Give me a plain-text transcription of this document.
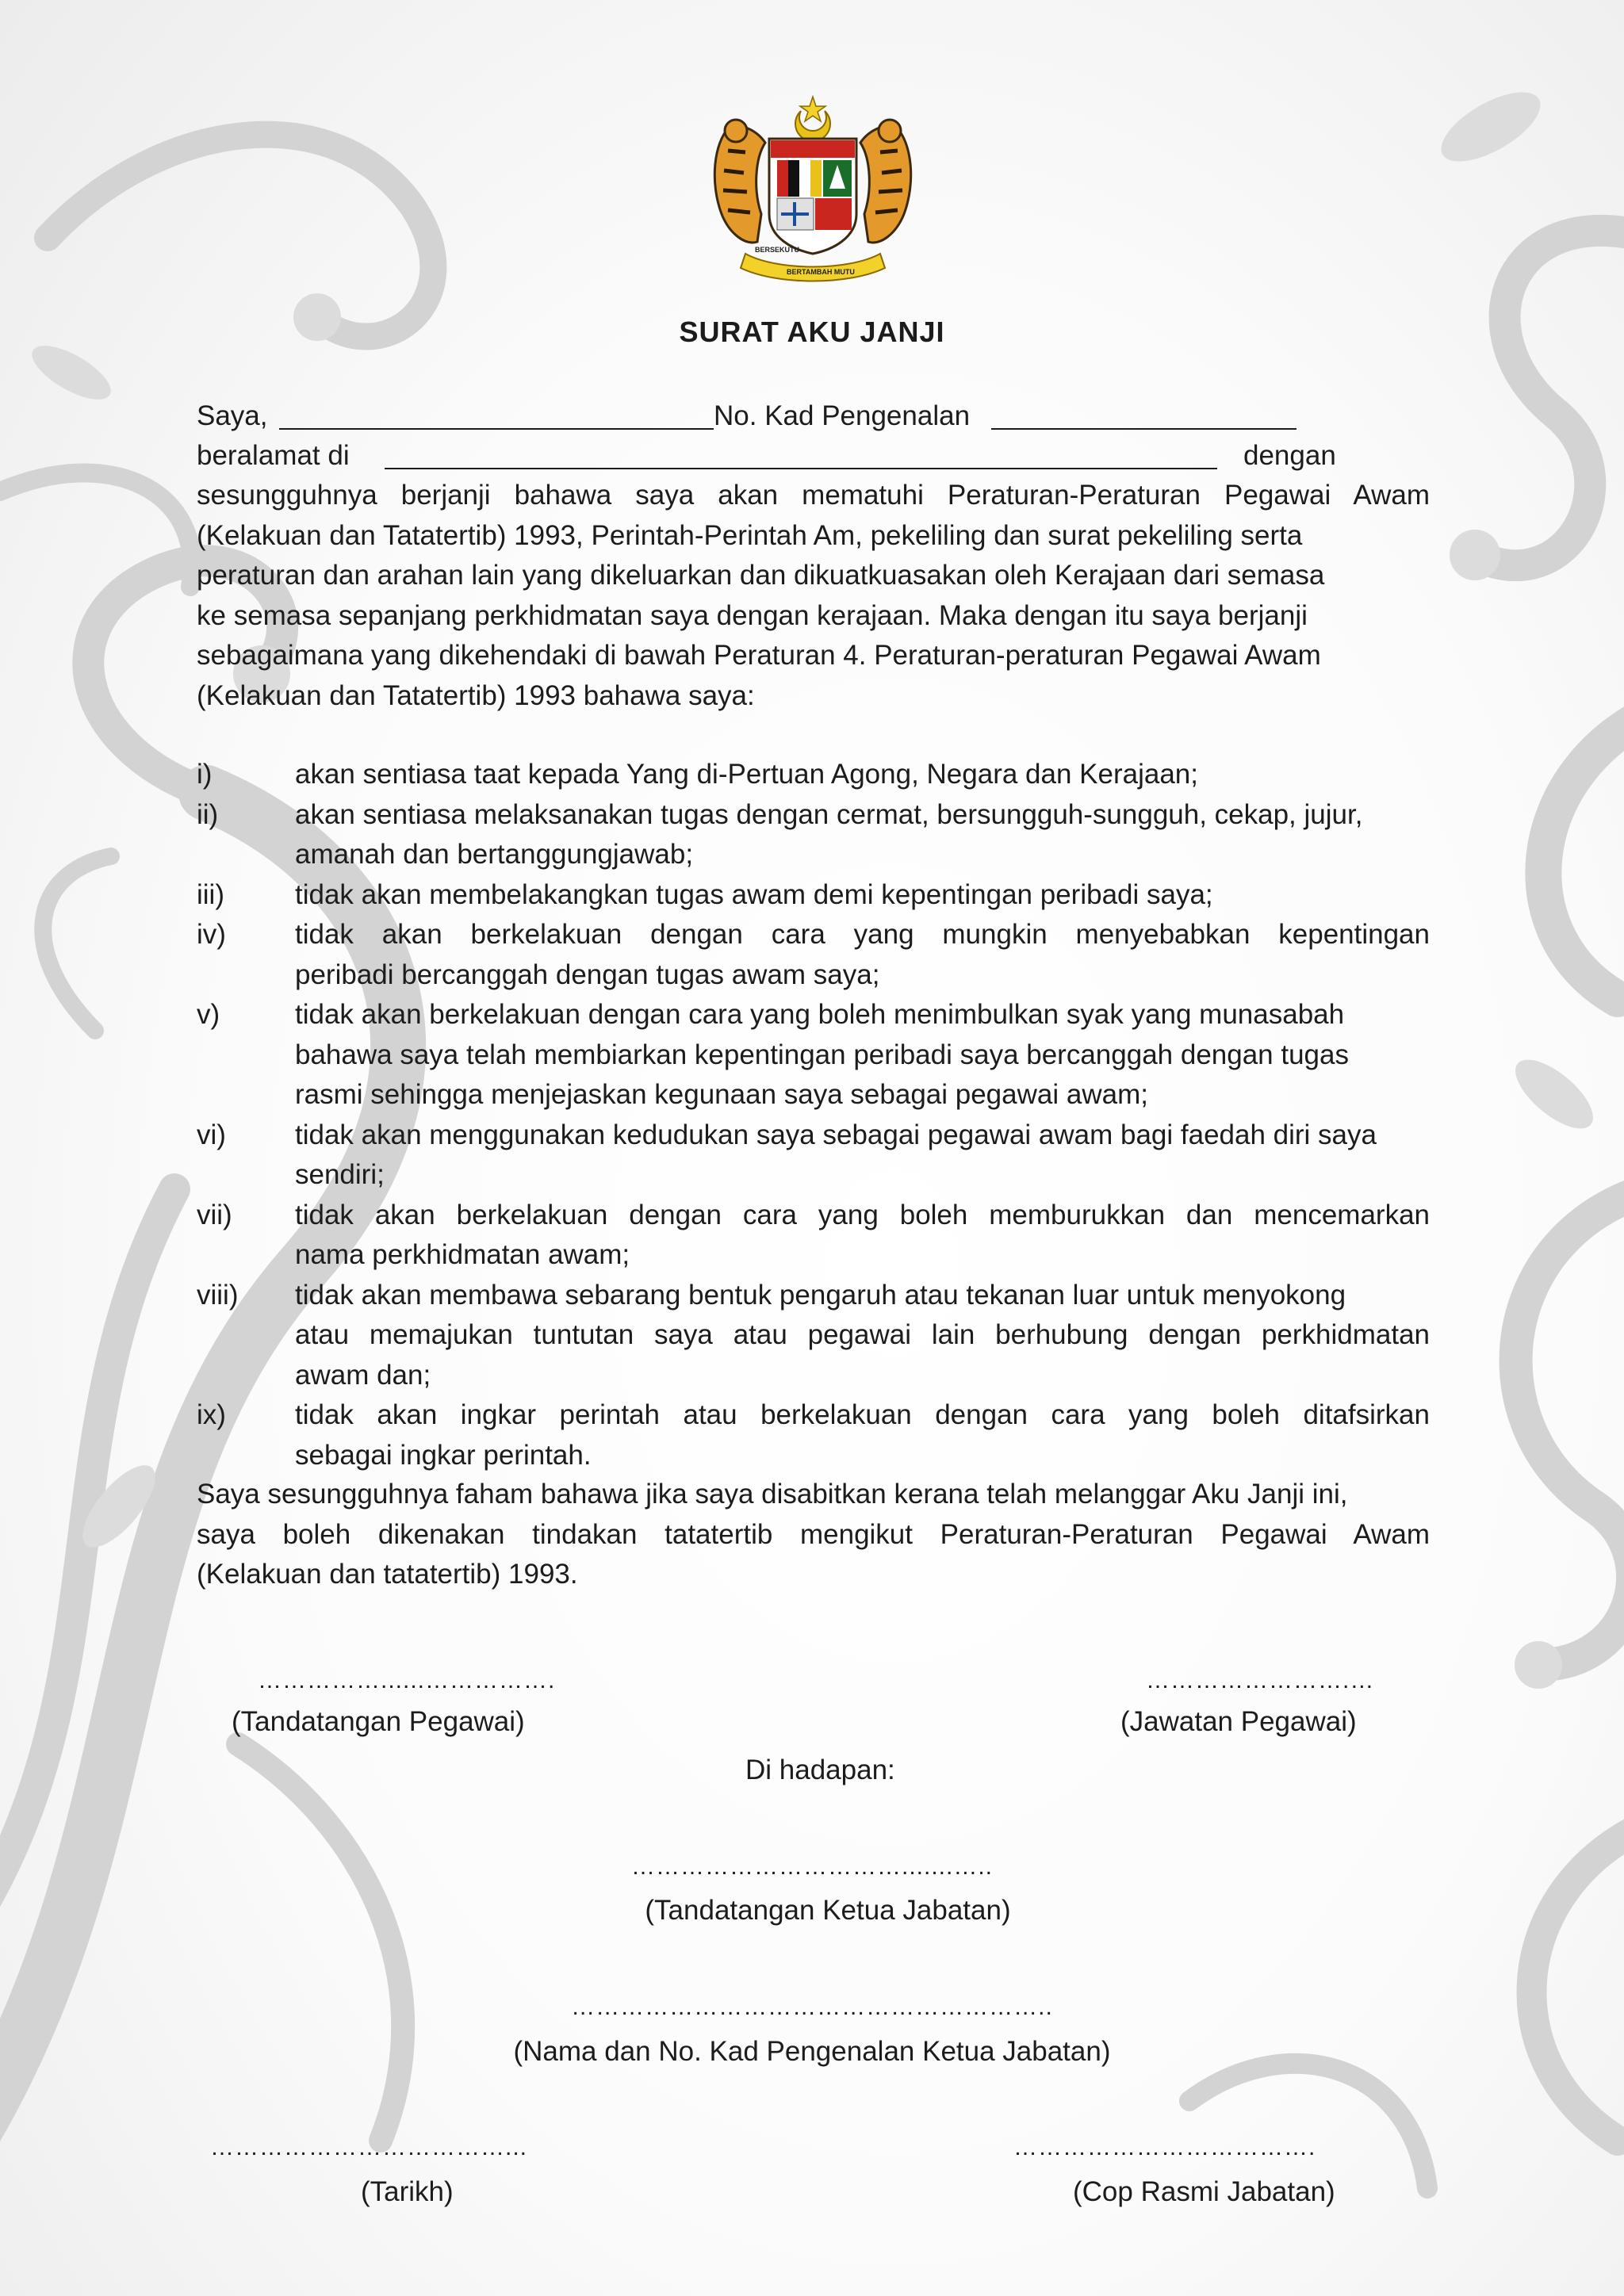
BERSEKUTU
BERTAMBAH MUTU
SURAT AKU JANJI
Saya,	No. Kad Pengenalan
beralamat di	dengan
sesungguhnya berjanji bahawa saya akan mematuhi Peraturan-Peraturan Pegawai Awam
(Kelakuan dan Tatatertib) 1993, Perintah-Perintah Am, pekeliling dan surat pekeliling serta
peraturan dan arahan lain yang dikeluarkan dan dikuatkuasakan oleh Kerajaan dari semasa
ke semasa sepanjang perkhidmatan saya dengan kerajaan. Maka dengan itu saya berjanji
sebagaimana yang dikehendaki di bawah Peraturan 4. Peraturan-peraturan Pegawai Awam
(Kelakuan dan Tatatertib) 1993 bahawa saya:
i)	akan sentiasa taat kepada Yang di-Pertuan Agong, Negara dan Kerajaan;
ii)	akan sentiasa melaksanakan tugas dengan cermat, bersungguh-sungguh, cekap, jujur,
amanah dan bertanggungjawab;
iii)	tidak akan membelakangkan tugas awam demi kepentingan peribadi saya;
iv) tidak akan berkelakuan dengan cara yang mungkin menyebabkan kepentingan
peribadi bercanggah dengan tugas awam saya;
v)	tidak akan berkelakuan dengan cara yang boleh menimbulkan syak yang munasabah
bahawa saya telah membiarkan kepentingan peribadi saya bercanggah dengan tugas
rasmi sehingga menjejaskan kegunaan saya sebagai pegawai awam;
vi) tidak akan menggunakan kedudukan saya sebagai pegawai awam bagi faedah diri saya
sendiri;
vii) tidak akan berkelakuan dengan cara yang boleh memburukkan dan mencemarkan
nama perkhidmatan awam;
viii) tidak akan membawa sebarang bentuk pengaruh atau tekanan luar untuk menyokong
atau memajukan tuntutan saya atau pegawai lain berhubung dengan perkhidmatan
awam dan;
ix) tidak akan ingkar perintah atau berkelakuan dengan cara yang boleh ditafsirkan
sebagai ingkar perintah.
Saya sesungguhnya faham bahawa jika saya disabitkan kerana telah melanggar Aku Janji ini,
saya boleh dikenakan tindakan tatatertib mengikut Peraturan-Peraturan Pegawai Awam
(Kelakuan dan tatatertib) 1993.
……………......…………….
(Tandatangan Pegawai)
…………………….…
(Jawatan Pegawai)
Di hadapan:
…………………………….......…..
(Tandatangan Ketua Jabatan)
…………………………………………………..
(Nama dan No. Kad Pengenalan Ketua Jabatan)
………………………………...
(Tarikh)
……………………………….
(Cop Rasmi Jabatan)
